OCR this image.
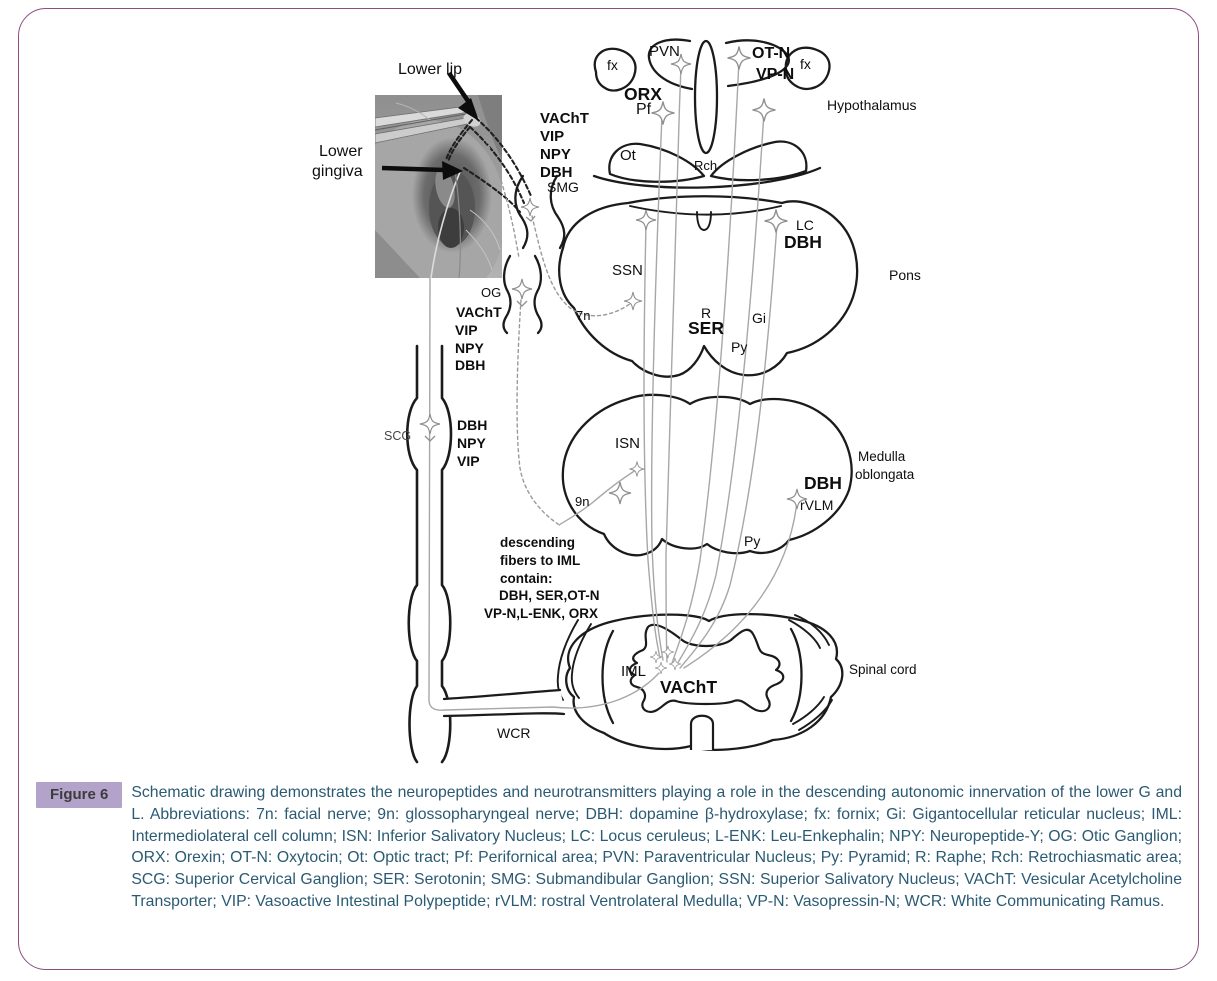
Lower lip
Lower
gingiva
PVN	OT-N
VP-N
fx	fx
ORX
Pf	Hypothalamus
Ot
Rch
VAChT
VIP
NPY
DBH
SMG
SSN
7n
LC
DBH
Pons
R
SER Gi
Py
OG
VAChT
VIP
NPY
DBH
SCG
DBH
NPY
VIP
ISN
9n
Medulla
oblongata
DBH
rVLM
Py
descending
fibers to IML
contain:
DBH, SER,OT-N
VP-N,L-ENK, ORX
IML
VAChT
Spinal cord
WCR
Figure 6	Schematic drawing demonstrates the neuropeptides and neurotransmitters playing a role in the descending autonomic innervation of the lower G and L. Abbreviations: 7n: facial nerve; 9n: glossopharyngeal nerve; DBH: dopamine β-hydroxylase; fx: fornix; Gi: Gigantocellular reticular nucleus; IML: Intermediolateral cell column; ISN: Inferior Salivatory Nucleus; LC: Locus ceruleus; L-ENK: Leu-Enkephalin; NPY: Neuropeptide-Y; OG: Otic Ganglion; ORX: Orexin; OT-N: Oxytocin; Ot: Optic tract; Pf: Perifornical area; PVN: Paraventricular Nucleus; Py: Pyramid; R: Raphe; Rch: Retrochiasmatic area; SCG: Superior Cervical Ganglion; SER: Serotonin; SMG: Submandibular Ganglion; SSN: Superior Salivatory Nucleus; VAChT: Vesicular Acetylcholine Transporter; VIP: Vasoactive Intestinal Polypeptide; rVLM: rostral Ventrolateral Medulla; VP-N: Vasopressin-N; WCR: White Communicating Ramus.
